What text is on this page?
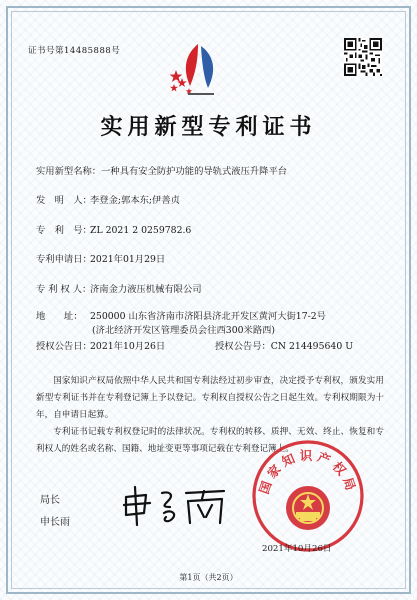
证书号第14485888号
实用新型专利证书
实用新型名称：一种具有安全防护功能的导轨式液压升降平台
发　明　人：李登金;郭本东;伊善贞
专　利　号：ZL 2021 2 0259782.6
专利申请日：2021年01月29日
专 利 权 人：济南金力液压机械有限公司
地　　址： 250000 山东省济南市济阳县济北开发区黄河大街17-2号
(济北经济开发区管理委员会往西300米路西)
授权公告日：2021年10月26日	授权公告号：CN 214495640 U
国家知识产权局依照中华人民共和国专利法经过初步审查，决定授予专利权，颁发实用新型专利证书并在专利登记簿上予以登记。专利权自授权公告之日起生效。专利权期限为十年，自申请日起算。
专利证书记载专利权登记时的法律状况。专利权的转移、质押、无效、终止、恢复和专利权人的姓名或名称、国籍、地址变更等事项记载在专利登记簿上。
局长
申长雨
国家知识产权局
2021年10月26日
第1页（共2页）
